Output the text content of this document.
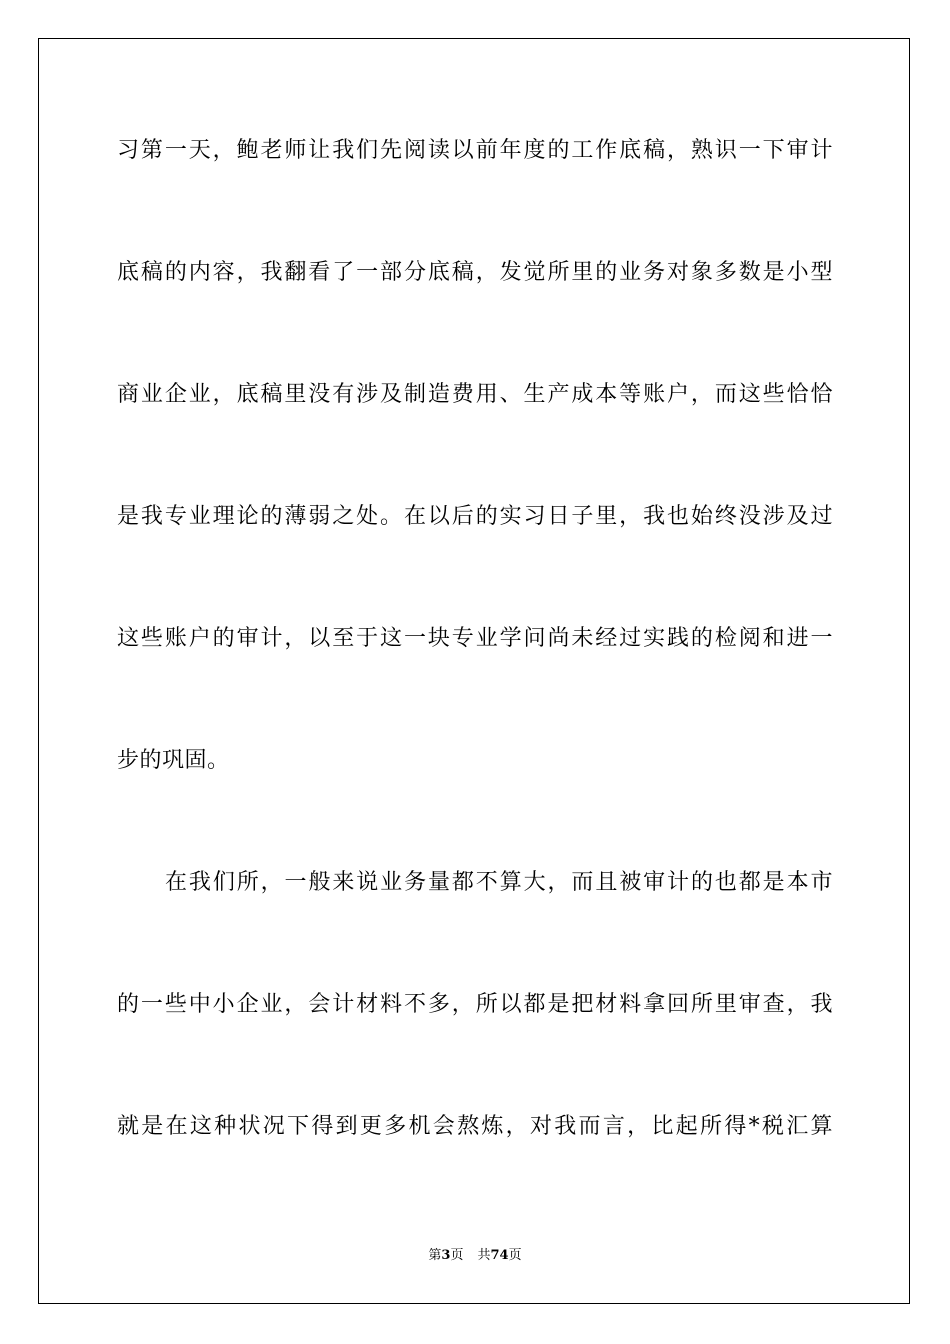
习第一天，鲍老师让我们先阅读以前年度的工作底稿，熟识一下审计
底稿的内容，我翻看了一部分底稿，发觉所里的业务对象多数是小型
商业企业，底稿里没有涉及制造费用、生产成本等账户，而这些恰恰
是我专业理论的薄弱之处。在以后的实习日子里，我也始终没涉及过
这些账户的审计，以至于这一块专业学问尚未经过实践的检阅和进一
步的巩固。
在我们所，一般来说业务量都不算大，而且被审计的也都是本市
的一些中小企业，会计材料不多，所以都是把材料拿回所里审查，我
就是在这种状况下得到更多机会熬炼，对我而言，比起所得*税汇算
第3页 共74页
